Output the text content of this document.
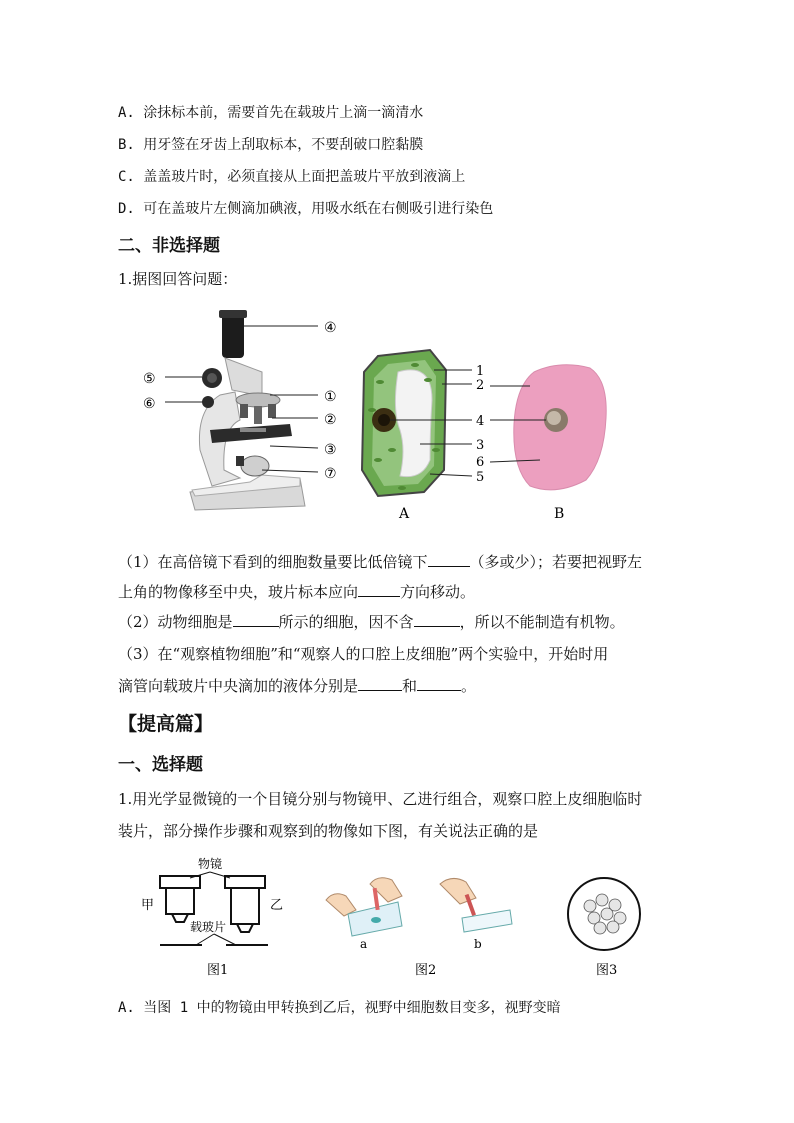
A. 涂抹标本前，需要首先在载玻片上滴一滴清水
B. 用牙签在牙齿上刮取标本，不要刮破口腔黏膜
C. 盖盖玻片时，必须直接从上面把盖玻片平放到液滴上
D. 可在盖玻片左侧滴加碘液，用吸水纸在右侧吸引进行染色
二、非选择题
1.据图回答问题：
④
⑤
①
⑥
②
③
⑦
1
2
4
3
6
5
A	B
（1）在高倍镜下看到的细胞数量要比低倍镜下	（多或少）；若要把视野左
上角的物像移至中央，玻片标本应向	方向移动。
（2）动物细胞是	所示的细胞，因不含	，所以不能制造有机物。
（3）在“观察植物细胞”和“观察人的口腔上皮细胞”两个实验中，开始时用
滴管向载玻片中央滴加的液体分别是	和	。
【提高篇】
一、选择题
1.用光学显微镜的一个目镜分别与物镜甲、乙进行组合，观察口腔上皮细胞临时
装片，部分操作步骤和观察到的物像如下图，有关说法正确的是
物镜
甲	乙
载玻片
图1
a	b
图2	图3
A. 当图 1 中的物镜由甲转换到乙后，视野中细胞数目变多，视野变暗
